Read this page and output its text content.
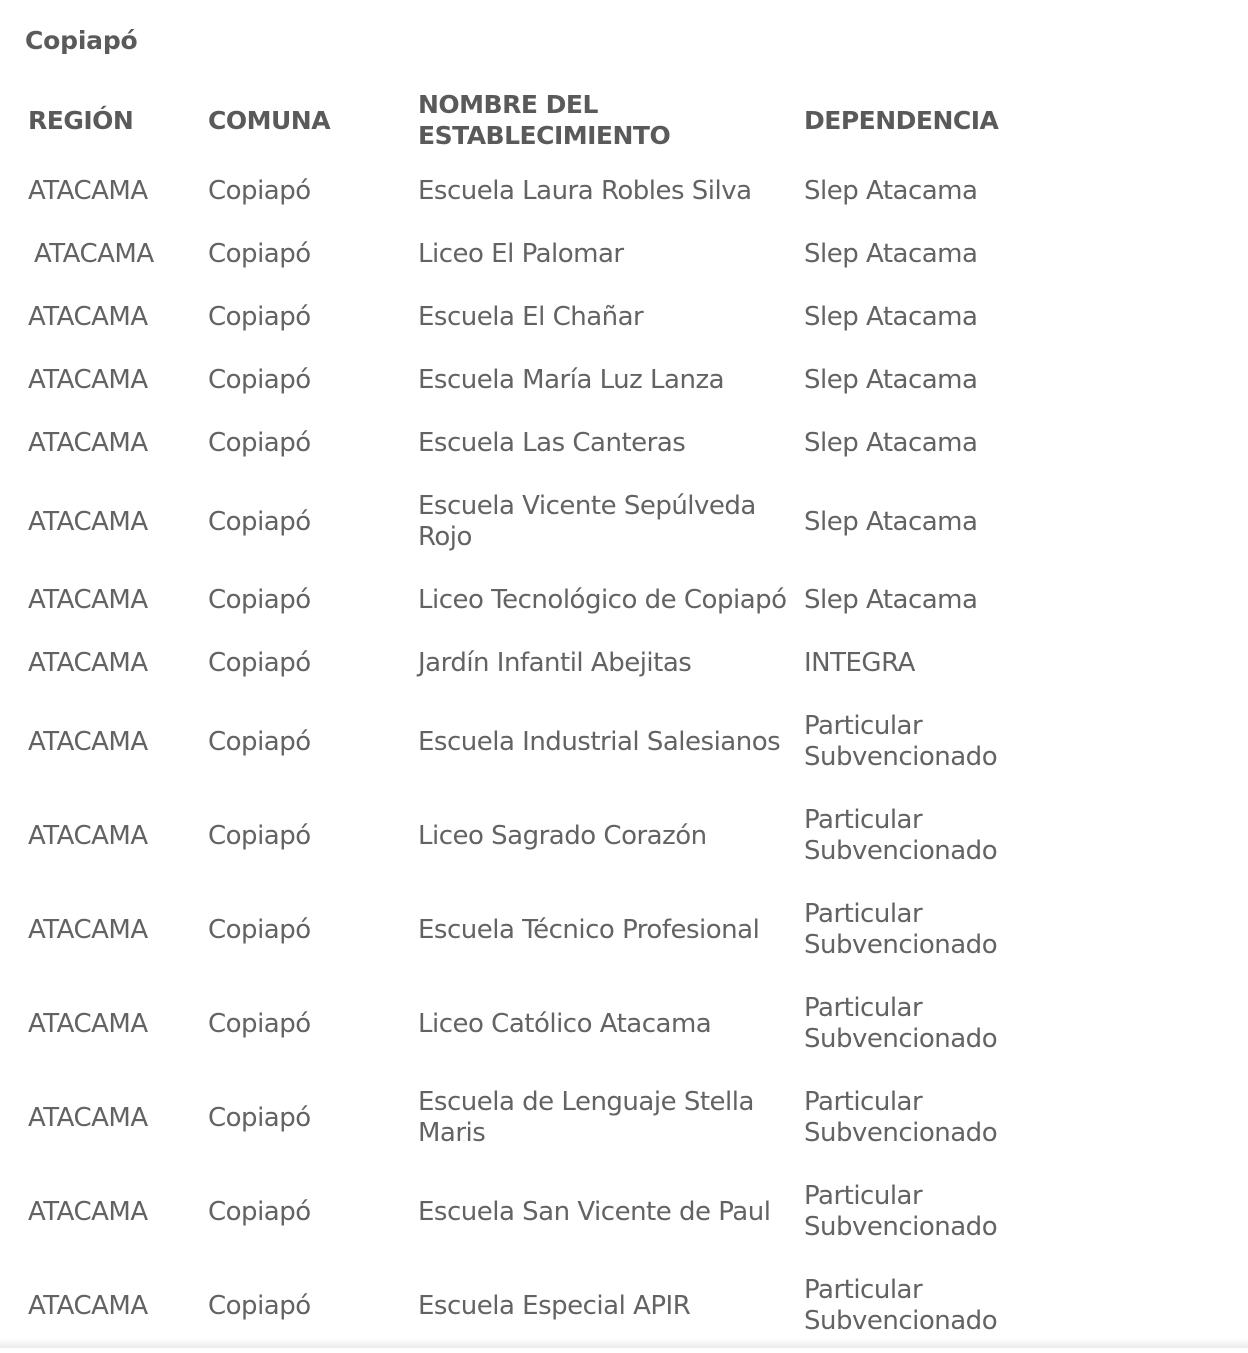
Copiapó
REGIÓN	COMUNA	NOMBRE DEL ESTABLECIMIENTO	DEPENDENCIA
ATACAMA	Copiapó	Escuela Laura Robles Silva	Slep Atacama
ATACAMA	Copiapó	Liceo El Palomar	Slep Atacama
ATACAMA	Copiapó	Escuela El Chañar	Slep Atacama
ATACAMA	Copiapó	Escuela María Luz Lanza	Slep Atacama
ATACAMA	Copiapó	Escuela Las Canteras	Slep Atacama
ATACAMA	Copiapó	Escuela Vicente Sepúlveda Rojo	Slep Atacama
ATACAMA	Copiapó	Liceo Tecnológico de Copiapó	Slep Atacama
ATACAMA	Copiapó	Jardín Infantil Abejitas	INTEGRA
ATACAMA	Copiapó	Escuela Industrial Salesianos	Particular Subvencionado
ATACAMA	Copiapó	Liceo Sagrado Corazón	Particular Subvencionado
ATACAMA	Copiapó	Escuela Técnico Profesional	Particular Subvencionado
ATACAMA	Copiapó	Liceo Católico Atacama	Particular Subvencionado
ATACAMA	Copiapó	Escuela de Lenguaje Stella Maris	Particular Subvencionado
ATACAMA	Copiapó	Escuela San Vicente de Paul	Particular Subvencionado
ATACAMA	Copiapó	Escuela Especial APIR	Particular Subvencionado
